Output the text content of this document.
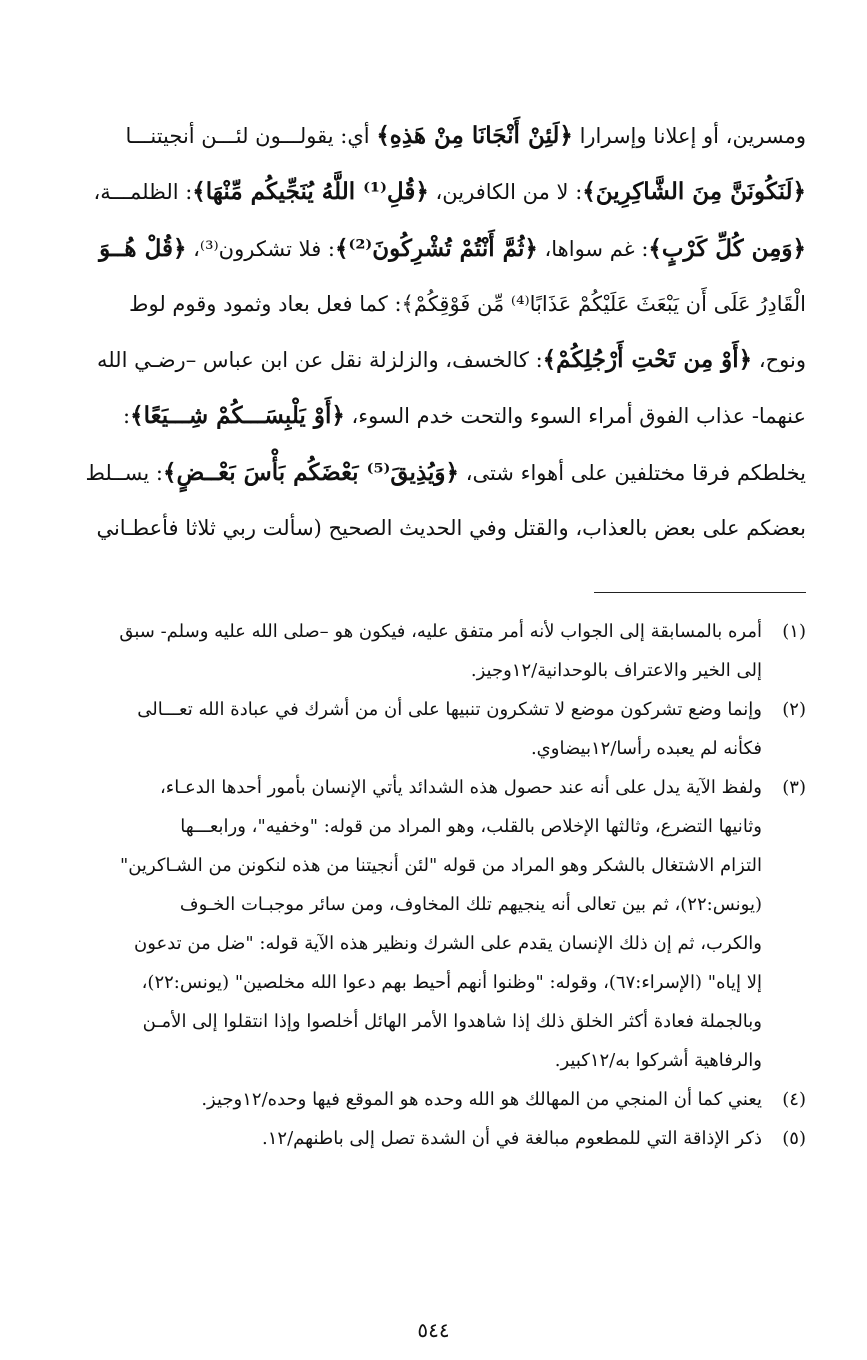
ومسرين، أو إعلانا وإسرارا ﴿لَئِنْ أَنْجَانَا مِنْ هَذِهِ﴾ أي: يقولـــون لئـــن أنجيتنـــا
﴿لَنَكُونَنَّ مِنَ الشَّاكِرِينَ﴾: لا من الكافرين، ﴿قُلِ⁽¹⁾ اللَّهُ يُنَجِّيكُم مِّنْهَا﴾: الظلمـــة،
﴿وَمِن كُلِّ كَرْبٍ﴾: غم سواها، ﴿ثُمَّ أَنْتُمْ تُشْرِكُونَ⁽²⁾﴾: فلا تشكرون⁽³⁾، ﴿قُلْ هُــوَ
الْقَادِرُ عَلَى أَن يَبْعَثَ عَلَيْكُمْ عَذَابًا⁽⁴⁾ مِّن فَوْقِكُمْ﴾: كما فعل بعاد وثمود وقوم لوط
ونوح، ﴿أَوْ مِن تَحْتِ أَرْجُلِكُمْ﴾: كالخسف، والزلزلة نقل عن ابن عباس –رضـي الله
عنهما- عذاب الفوق أمراء السوء والتحت خدم السوء، ﴿أَوْ يَلْبِسَـــكُمْ شِـــيَعًا﴾:
يخلطكم فرقا مختلفين على أهواء شتى، ﴿وَيُذِيقَ⁽⁵⁾ بَعْضَكُم بَأْسَ بَعْــضٍ﴾: يســلط
بعضكم على بعض بالعذاب، والقتل وفي الحديث الصحيح (سألت ربي ثلاثا فأعطـاني
(١)
أمره بالمسابقة إلى الجواب لأنه أمر متفق عليه، فيكون هو –صلى الله عليه وسلم- سبق
إلى الخير والاعتراف بالوحدانية/١٢وجيز.
(٢)
وإنما وضع تشركون موضع لا تشكرون تنبيها على أن من أشرك في عبادة الله تعـــالى
فكأنه لم يعبده رأسا/١٢بيضاوي.
(٣)
ولفظ الآية يدل على أنه عند حصول هذه الشدائد يأتي الإنسان بأمور أحدها الدعـاء،
وثانيها التضرع، وثالثها الإخلاص بالقلب، وهو المراد من قوله: "وخفيه"، ورابعـــها
التزام الاشتغال بالشكر وهو المراد من قوله "لئن أنجيتنا من هذه لنكونن من الشـاكرين"
(يونس:٢٢)، ثم بين تعالى أنه ينجيهم تلك المخاوف، ومن سائر موجبـات الخـوف
والكرب، ثم إن ذلك الإنسان يقدم على الشرك ونظير هذه الآية قوله: "ضل من تدعون
إلا إياه" (الإسراء:٦٧)، وقوله: "وظنوا أنهم أحيط بهم دعوا الله مخلصين" (يونس:٢٢)،
وبالجملة فعادة أكثر الخلق ذلك إذا شاهدوا الأمر الهائل أخلصوا وإذا انتقلوا إلى الأمـن
والرفاهية أشركوا به/١٢كبير.
(٤)
يعني كما أن المنجي من المهالك هو الله وحده هو الموقع فيها وحده/١٢وجيز.
(٥)
ذكر الإذاقة التي للمطعوم مبالغة في أن الشدة تصل إلى باطنهم/١٢.
٥٤٤
